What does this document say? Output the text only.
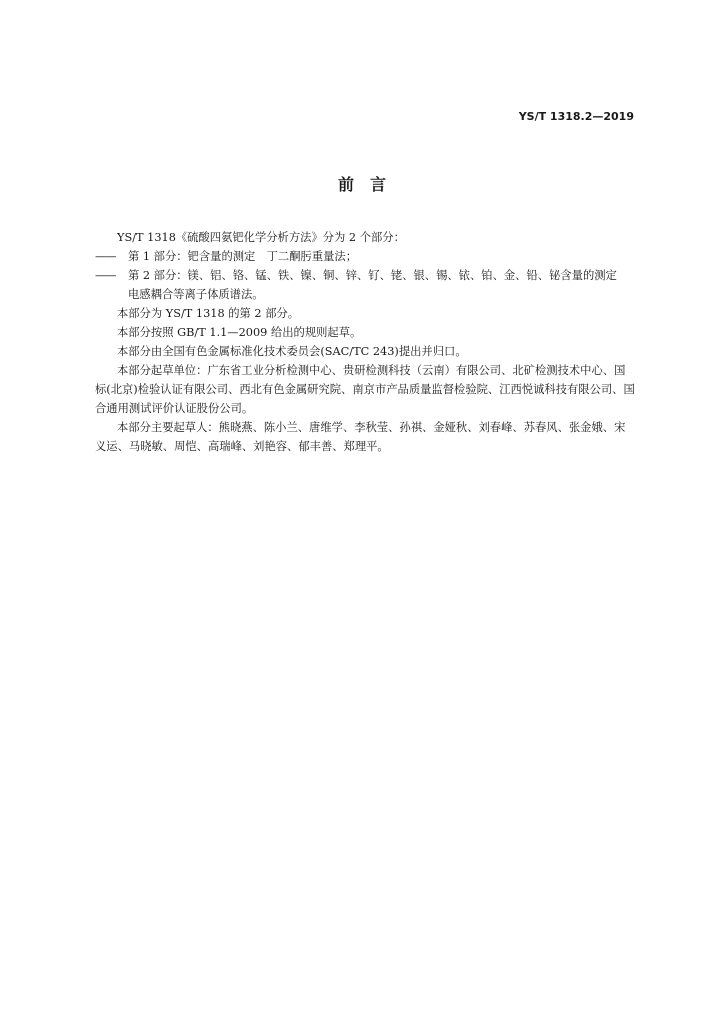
YS/T 1318.2—2019
前　言

YS/T 1318《硫酸四氨钯化学分析方法》分为 2 个部分：

——	第 1 部分：钯含量的测定　丁二酮肟重量法；

——	第 2 部分：镁、铝、铬、锰、铁、镍、铜、锌、钌、铑、银、锡、铱、铂、金、铅、铋含量的测定　电感耦合等离子体质谱法。

本部分为 YS/T 1318 的第 2 部分。

本部分按照 GB/T 1.1—2009 给出的规则起草。

本部分由全国有色金属标准化技术委员会(SAC/TC 243)提出并归口。

本部分起草单位：广东省工业分析检测中心、贵研检测科技（云南）有限公司、北矿检测技术中心、国标(北京)检验认证有限公司、西北有色金属研究院、南京市产品质量监督检验院、江西悦诚科技有限公司、国合通用测试评价认证股份公司。

本部分主要起草人：熊晓燕、陈小兰、唐维学、李秋莹、孙祺、金娅秋、刘春峰、苏春风、张金娥、宋义运、马晓敏、周恺、高瑞峰、刘艳容、郁丰善、郑理平。
